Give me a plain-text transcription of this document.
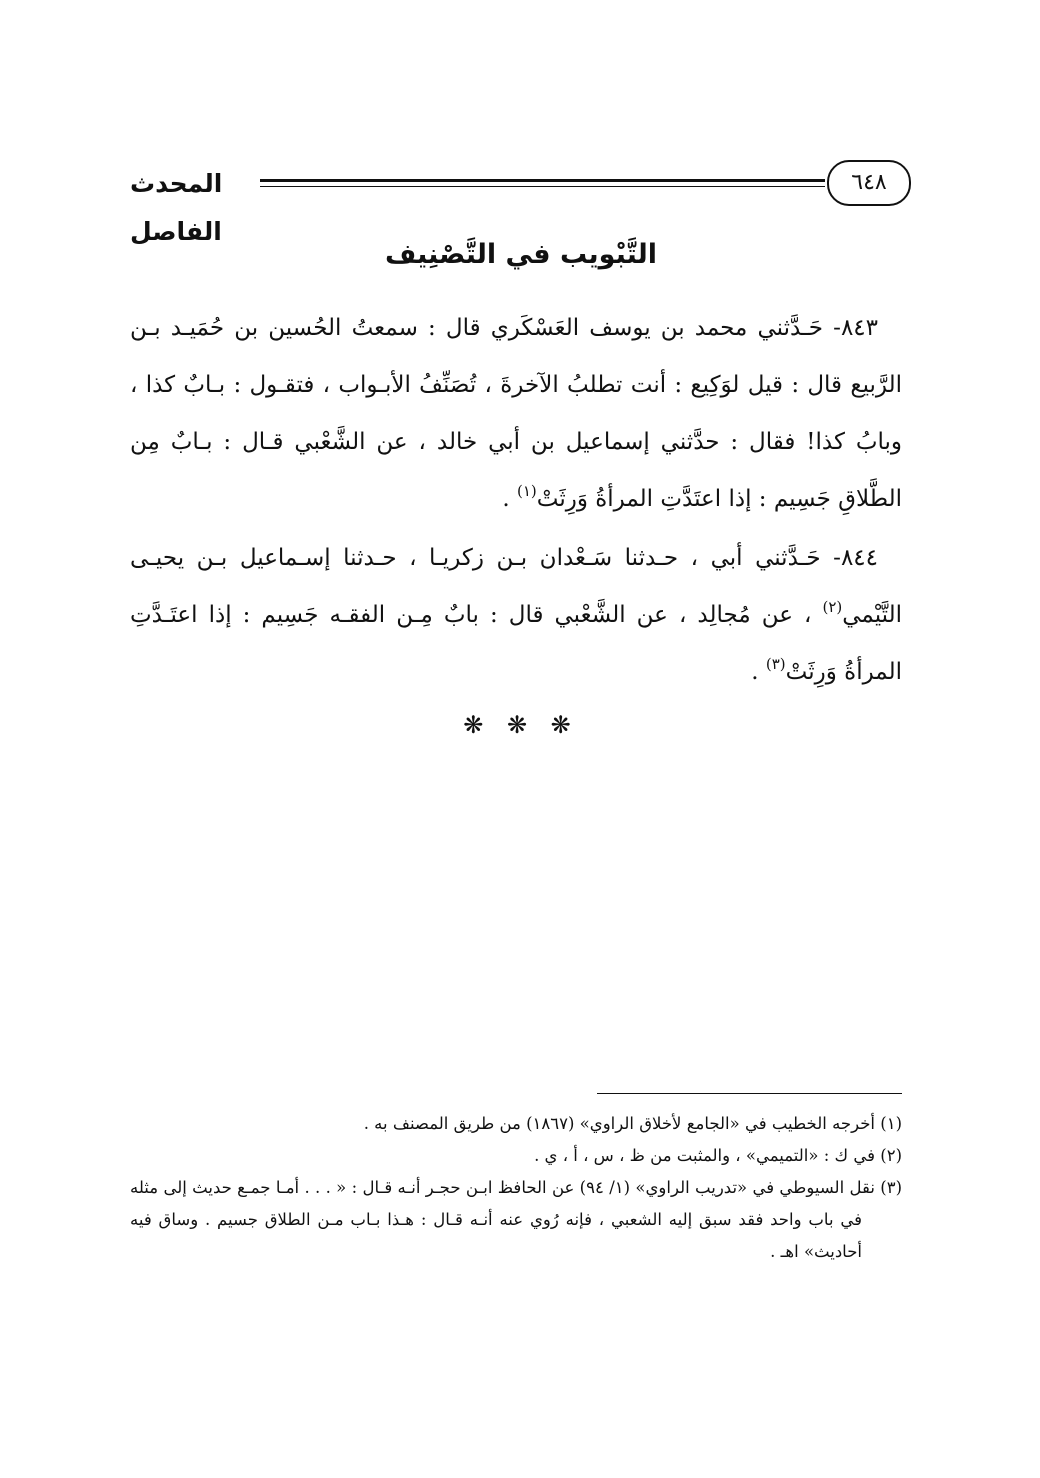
المحدث الفاصل
٦٤٨
التَّبْويب في التَّصْنِيف

٨٤٣- حَـدَّثني محمد بن يوسف العَسْكَري قال : سمعتُ الحُسين بن حُمَيـد بـن الرَّبيع قال : قيل لوَكِيع : أنت تطلبُ الآخرةَ ، تُصَنِّفُ الأبـواب ، فتقـول : بـابٌ كذا ، وبابُ كذا! فقال : حدَّثني إسماعيل بن أبي خالد ، عن الشَّعْبي قـال : بـابٌ مِن الطَّلاقِ جَسِيم : إذا اعتَدَّتِ المرأةُ وَرِثَتْ$^{(١)}$ .

٨٤٤- حَـدَّثني أبي ، حـدثنا سَـعْدان بـن زكريـا ، حـدثنا إسـماعيل بـن يحيـى التَّيْمي$^{(٢)}$ ، عن مُجالِد ، عن الشَّعْبي قال : بابٌ مِـن الفقـه جَسِيم : إذا اعتَـدَّتِ المرأةُ وَرِثَتْ$^{(٣)}$ .

❋ ❋ ❋

(١) أخرجه الخطيب في «الجامع لأخلاق الراوي» (١٨٦٧) من طريق المصنف به .

(٢) في ك : «التميمي» ، والمثبت من ظ ، س ، أ ، ي .

(٣) نقل السيوطي في «تدريب الراوي» (١/ ٩٤) عن الحافظ ابـن حجـر أنـه قـال : « . . . أمـا جمـع حديث إلى مثله في باب واحد فقد سبق إليه الشعبي ، فإنه رُوي عنه أنـه قـال : هـذا بـاب مـن الطلاق جسيم . وساق فيه أحاديث» اهـ .
